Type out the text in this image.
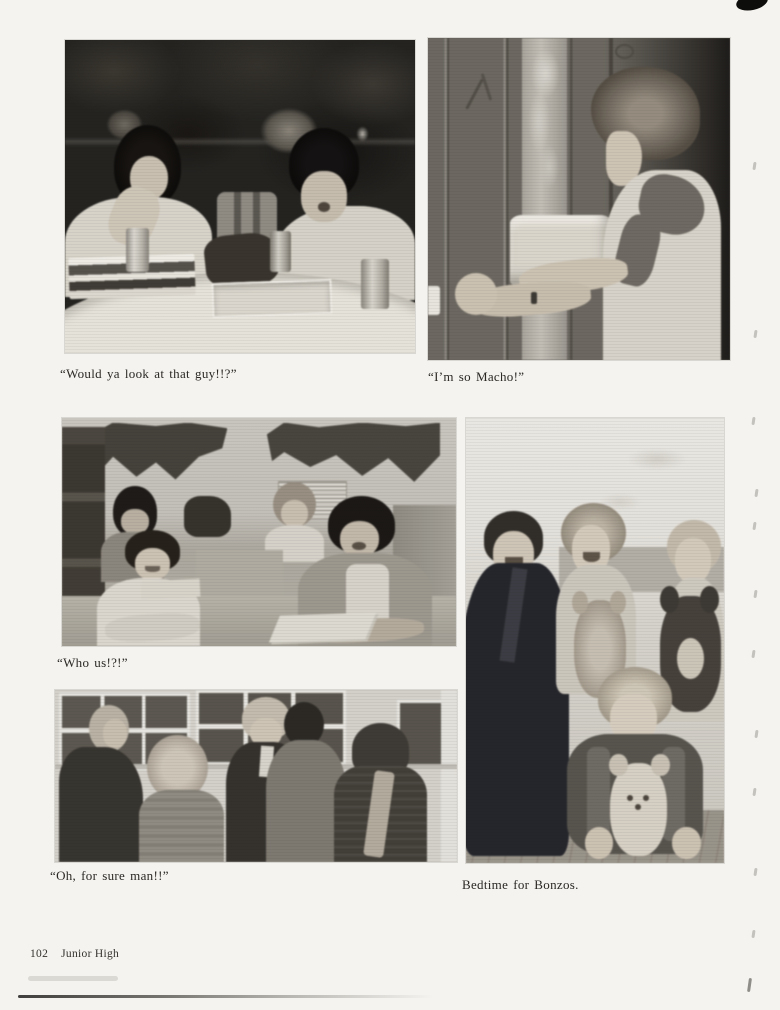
“Would ya look at that guy!!?”	“I’m so Macho!”
“Who us!?!”
“Oh, for sure man!!”
Bedtime for Bonzos.
102 Junior High
